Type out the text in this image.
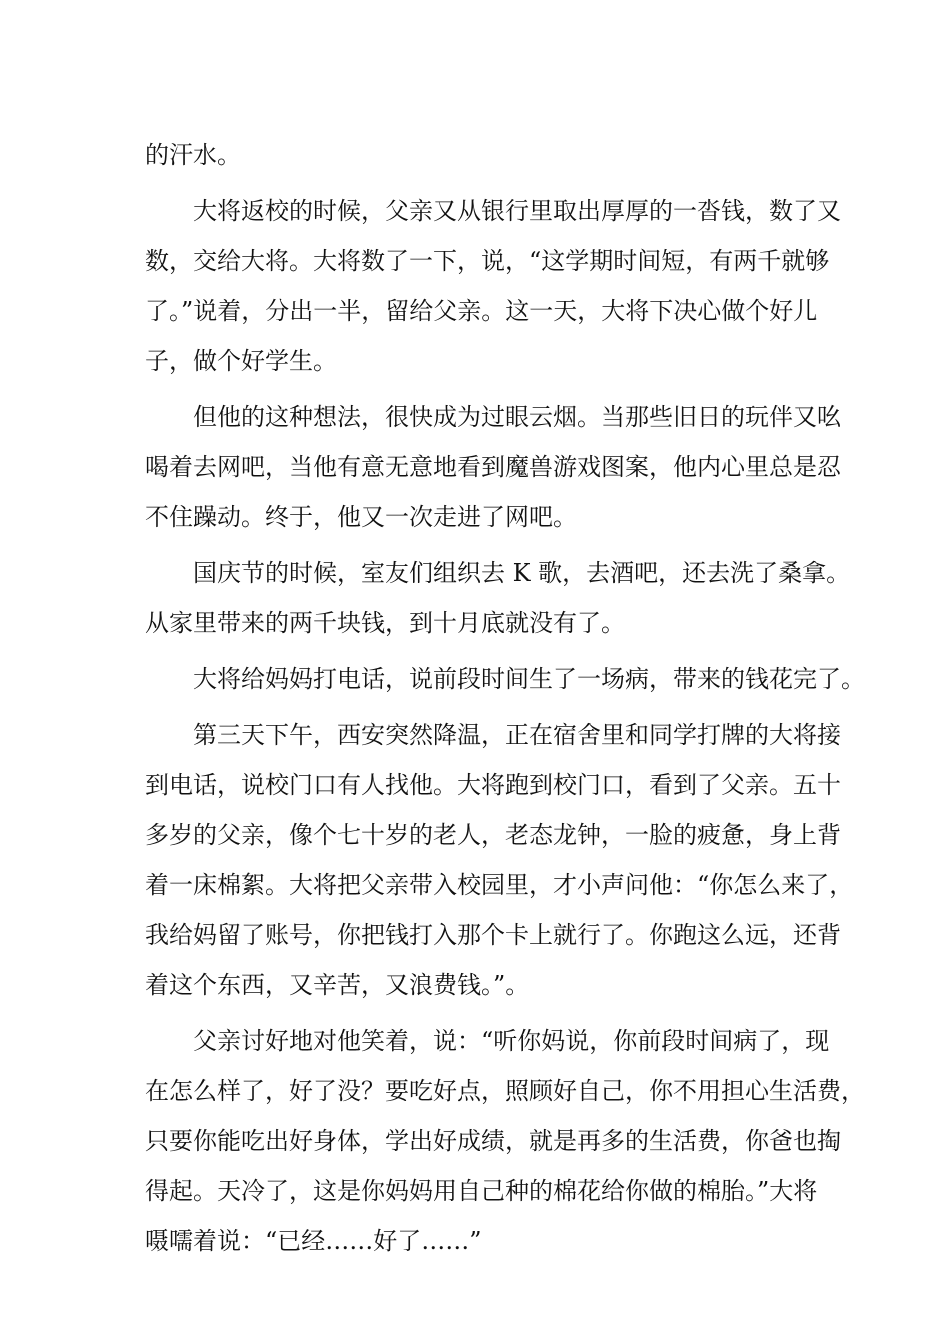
的汗水。
大将返校的时候，父亲又从银行里取出厚厚的一沓钱，数了又
数，交给大将。大将数了一下，说，“这学期时间短，有两千就够
了。”说着，分出一半，留给父亲。这一天，大将下决心做个好儿
子，做个好学生。
但他的这种想法，很快成为过眼云烟。当那些旧日的玩伴又吆
喝着去网吧，当他有意无意地看到魔兽游戏图案，他内心里总是忍
不住躁动。终于，他又一次走进了网吧。
国庆节的时候，室友们组织去 K 歌，去酒吧，还去洗了桑拿。
从家里带来的两千块钱，到十月底就没有了。
大将给妈妈打电话，说前段时间生了一场病，带来的钱花完了。
第三天下午，西安突然降温，正在宿舍里和同学打牌的大将接
到电话，说校门口有人找他。大将跑到校门口，看到了父亲。五十
多岁的父亲，像个七十岁的老人，老态龙钟，一脸的疲惫，身上背
着一床棉絮。大将把父亲带入校园里，才小声问他：“你怎么来了，
我给妈留了账号，你把钱打入那个卡上就行了。你跑这么远，还背
着这个东西，又辛苦，又浪费钱。”。
父亲讨好地对他笑着，说：“听你妈说，你前段时间病了，现
在怎么样了，好了没？要吃好点，照顾好自己，你不用担心生活费，
只要你能吃出好身体，学出好成绩，就是再多的生活费，你爸也掏
得起。天冷了，这是你妈妈用自己种的棉花给你做的棉胎。”大将
嗫嚅着说：“已经……好了……”
